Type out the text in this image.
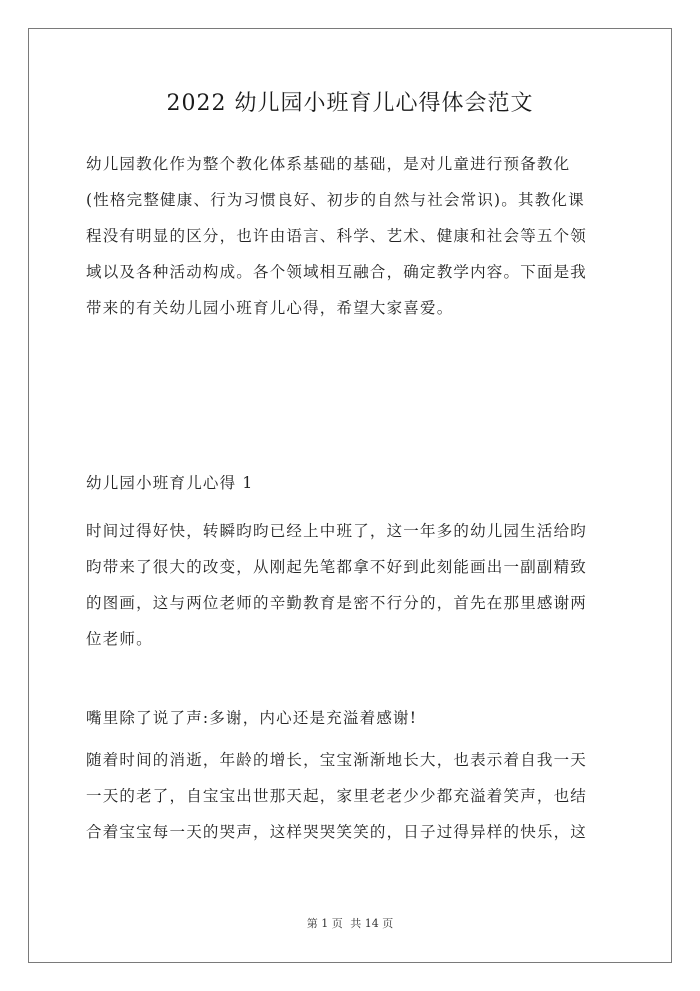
2022 幼儿园小班育儿心得体会范文
幼儿园教化作为整个教化体系基础的基础，是对儿童进行预备教化
(性格完整健康、行为习惯良好、初步的自然与社会常识)。其教化课
程没有明显的区分，也许由语言、科学、艺术、健康和社会等五个领
域以及各种活动构成。各个领域相互融合，确定教学内容。下面是我
带来的有关幼儿园小班育儿心得，希望大家喜爱。
幼儿园小班育儿心得 1
时间过得好快，转瞬昀昀已经上中班了，这一年多的幼儿园生活给昀
昀带来了很大的改变，从刚起先笔都拿不好到此刻能画出一副副精致
的图画，这与两位老师的辛勤教育是密不行分的，首先在那里感谢两
位老师。
嘴里除了说了声:多谢，内心还是充溢着感谢!
随着时间的消逝，年龄的增长，宝宝渐渐地长大，也表示着自我一天
一天的老了，自宝宝出世那天起，家里老老少少都充溢着笑声，也结
合着宝宝每一天的哭声，这样哭哭笑笑的，日子过得异样的快乐，这
第 1 页 共 14 页
